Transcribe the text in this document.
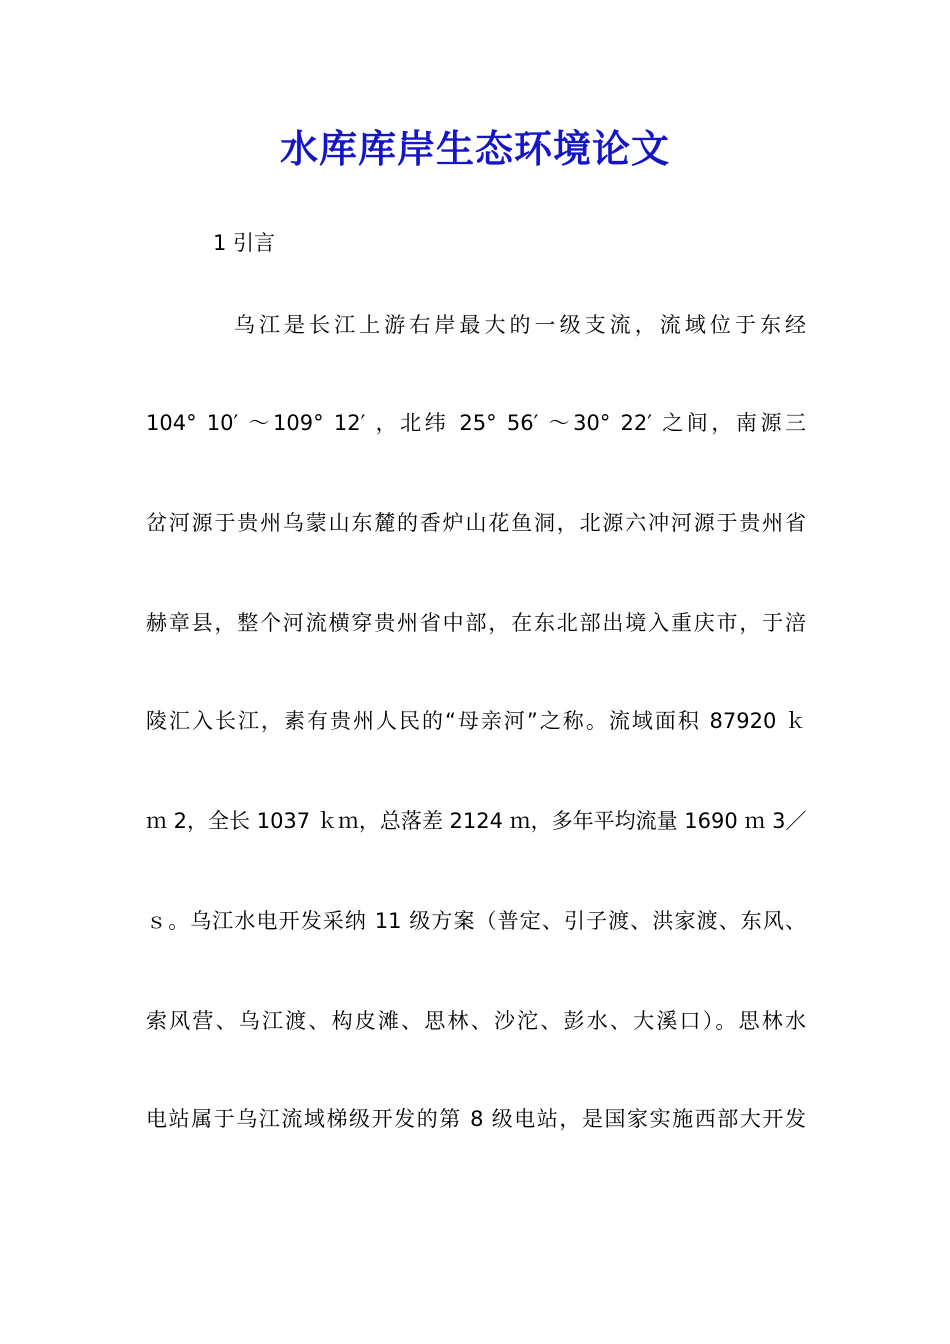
水库库岸生态环境论文
1 引言
乌江是长江上游右岸最大的一级支流，流域位于东经
104° 10′ ～109° 12′ ，北纬 25° 56′ ～30° 22′ 之间，南源三
岔河源于贵州乌蒙山东麓的香炉山花鱼洞，北源六冲河源于贵州省
赫章县，整个河流横穿贵州省中部，在东北部出境入重庆市，于涪
陵汇入长江，素有贵州人民的“母亲河”之称。流域面积 87920 ｋ
ｍ 2，全长 1037 ｋｍ，总落差 2124 ｍ，多年平均流量 1690 ｍ 3／
ｓ。乌江水电开发采纳 11 级方案（普定、引子渡、洪家渡、东风、
索风营、乌江渡、构皮滩、思林、沙沱、彭水、大溪口）。思林水
电站属于乌江流域梯级开发的第 8 级电站，是国家实施西部大开发
